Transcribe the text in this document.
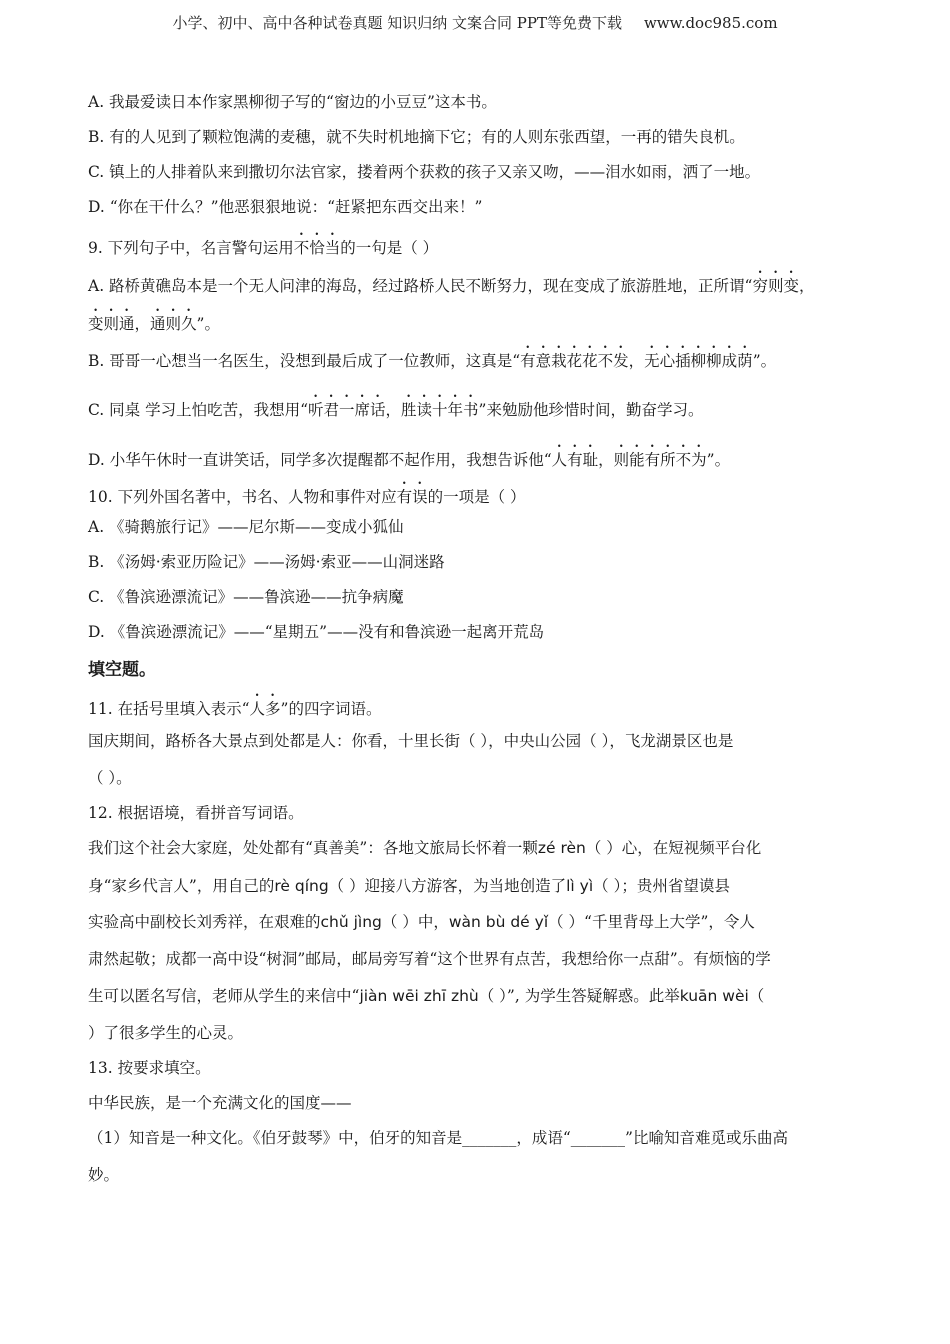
小学、初中、高中各种试卷真题 知识归纳 文案合同 PPT等免费下载 www.doc985.com
A. 我最爱读日本作家黑柳彻子写的“窗边的小豆豆”这本书。
B. 有的人见到了颗粒饱满的麦穗，就不失时机地摘下它；有的人则东张西望，一再的错失良机。
C. 镇上的人排着队来到撒切尔法官家，搂着两个获救的孩子又亲又吻，——泪水如雨，洒了一地。
D. “你在干什么？”他恶狠狠地说：“赶紧把东西交出来！”
9. 下列句子中，名言警句运用不恰当的一句是（ ）
A. 路桥黄礁岛本是一个无人问津的海岛，经过路桥人民不断努力，现在变成了旅游胜地，正所谓“穷则变，
变则通，通则久”。
B. 哥哥一心想当一名医生，没想到最后成了一位教师，这真是“有意栽花花不发，无心插柳柳成荫”。
C. 同桌 学习上怕吃苦，我想用“听君一席话，胜读十年书”来勉励他珍惜时间，勤奋学习。
D. 小华午休时一直讲笑话，同学多次提醒都不起作用，我想告诉他“人有耻，则能有所不为”。
10. 下列外国名著中，书名、人物和事件对应有误的一项是（ ）
A. 《骑鹅旅行记》——尼尔斯——变成小狐仙
B. 《汤姆·索亚历险记》——汤姆·索亚——山洞迷路
C. 《鲁滨逊漂流记》——鲁滨逊——抗争病魔
D. 《鲁滨逊漂流记》——“星期五”——没有和鲁滨逊一起离开荒岛
填空题。
11. 在括号里填入表示“人多”的四字词语。
国庆期间，路桥各大景点到处都是人：你看，十里长街（ ），中央山公园（ ），飞龙湖景区也是
（ ）。
12. 根据语境，看拼音写词语。
我们这个社会大家庭，处处都有“真善美”：各地文旅局长怀着一颗zé rèn（ ）心，在短视频平台化
身“家乡代言人”，用自己的rè qíng（ ）迎接八方游客，为当地创造了lì yì（ ）；贵州省望谟县
实验高中副校长刘秀祥，在艰难的chǔ jìng（ ）中，wàn bù dé yǐ（ ）“千里背母上大学”，令人
肃然起敬；成都一高中设“树洞”邮局，邮局旁写着“这个世界有点苦，我想给你一点甜”。有烦恼的学
生可以匿名写信，老师从学生的来信中“jiàn wēi zhī zhù（ ）”, 为学生答疑解惑。此举kuān wèi（
）了很多学生的心灵。
13. 按要求填空。
中华民族，是一个充满文化的国度——
（1）知音是一种文化。《伯牙鼓琴》中，伯牙的知音是_______，成语“_______”比喻知音难觅或乐曲高
妙。
